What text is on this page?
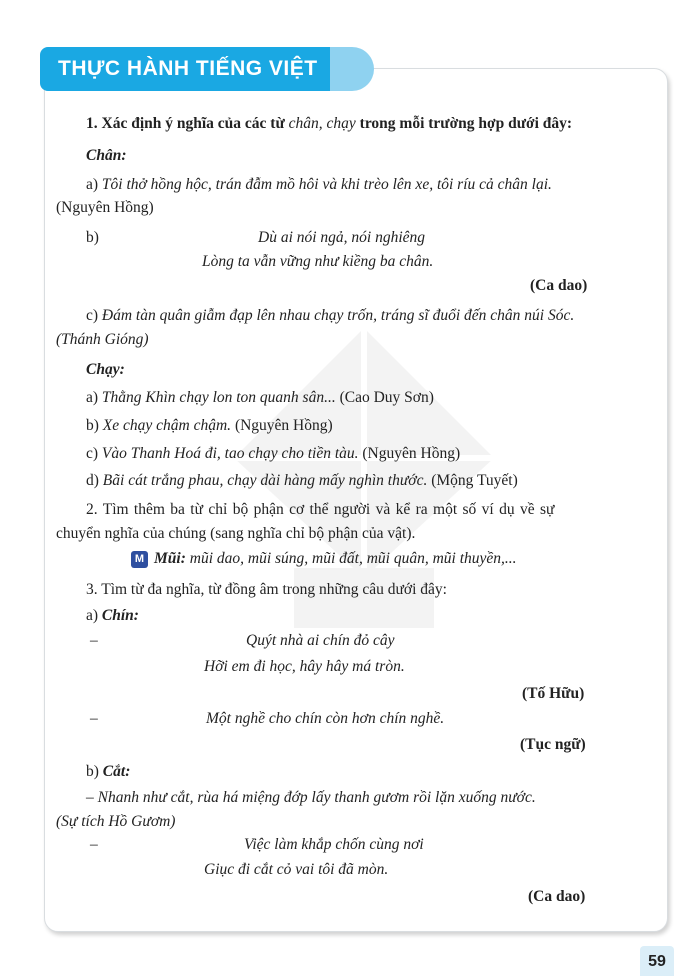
THỰC HÀNH TIẾNG VIỆT
1. Xác định ý nghĩa của các từ chân, chạy trong mỗi trường hợp dưới đây:
Chân:
a) Tôi thở hồng hộc, trán đẫm mồ hôi và khi trèo lên xe, tôi ríu cả chân lại.
(Nguyên Hồng)
b)	Dù ai nói ngả, nói nghiêng
Lòng ta vẫn vững như kiềng ba chân.
(Ca dao)
c) Đám tàn quân giẫm đạp lên nhau chạy trốn, tráng sĩ đuổi đến chân núi Sóc.
(Thánh Gióng)
Chạy:
a) Thằng Khìn chạy lon ton quanh sân... (Cao Duy Sơn)
b) Xe chạy chậm chậm. (Nguyên Hồng)
c) Vào Thanh Hoá đi, tao chạy cho tiền tàu. (Nguyên Hồng)
d) Bãi cát trắng phau, chạy dài hàng mấy nghìn thước. (Mộng Tuyết)
2. Tìm thêm ba từ chỉ bộ phận cơ thể người và kể ra một số ví dụ về sự
chuyển nghĩa của chúng (sang nghĩa chỉ bộ phận của vật).
M Mũi: mũi dao, mũi súng, mũi đất, mũi quân, mũi thuyền,...
3. Tìm từ đa nghĩa, từ đồng âm trong những câu dưới đây:
a) Chín:
–	Quýt nhà ai chín đỏ cây
Hỡi em đi học, hây hây má tròn.
(Tố Hữu)
–	Một nghề cho chín còn hơn chín nghề.
(Tục ngữ)
b) Cắt:
– Nhanh như cắt, rùa há miệng đớp lấy thanh gươm rồi lặn xuống nước.
(Sự tích Hồ Gươm)
–	Việc làm khắp chốn cùng nơi
Giục đi cắt cỏ vai tôi đã mòn.
(Ca dao)
59
